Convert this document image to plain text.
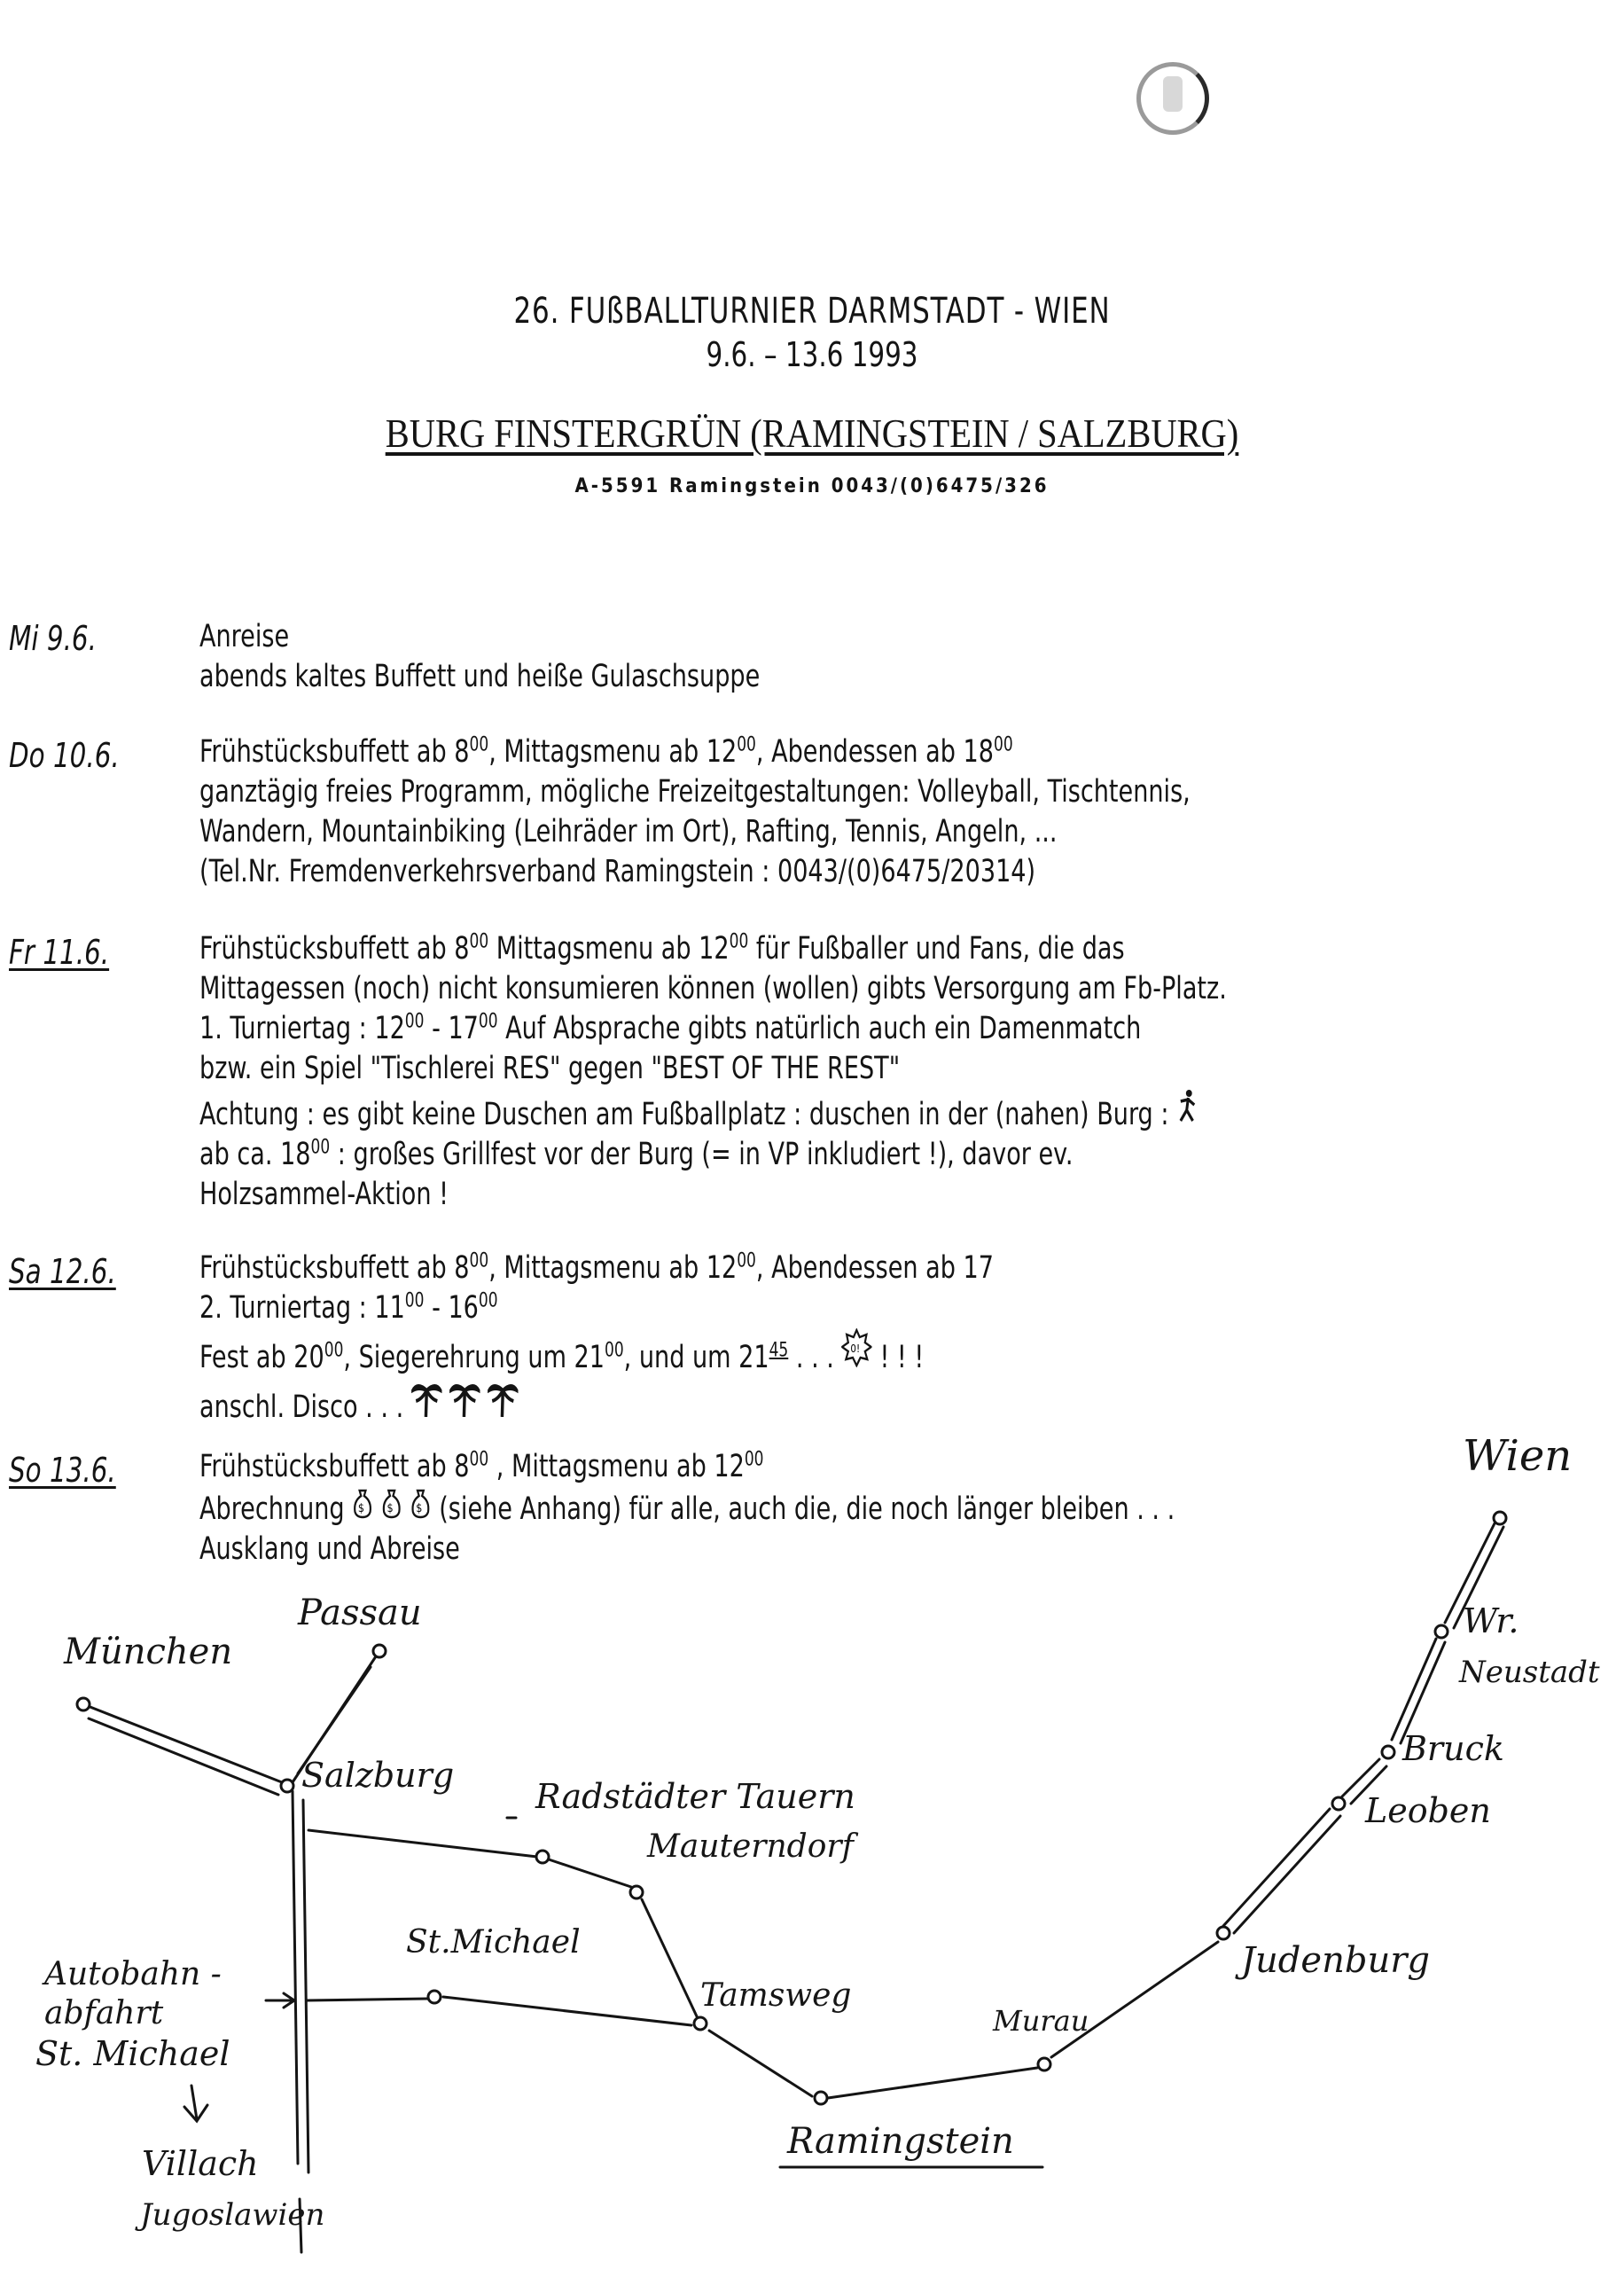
26. FUßBALLTURNIER DARMSTADT - WIEN
9.6. – 13.6 1993
BURG FINSTERGRÜN (RAMINGSTEIN / SALZBURG)
A-5591 Ramingstein 0043/(0)6475/326
Mi 9.6.	Anreise
abends kaltes Buffett und heiße Gulaschsuppe
Do 10.6.	Frühstücksbuffett ab $8^{00}$, Mittagsmenu ab $12^{00}$, Abendessen ab $18^{00}$
ganztägig freies Programm, mögliche Freizeitgestaltungen: Volleyball, Tischtennis,
Wandern, Mountainbiking (Leihräder im Ort), Rafting, Tennis, Angeln, ...
(Tel.Nr. Fremdenverkehrsverband Ramingstein : 0043/(0)6475/20314)
Fr 11.6.	Frühstücksbuffett ab $8^{00}$ Mittagsmenu ab $12^{00}$ für Fußballer und Fans, die das
Mittagessen (noch) nicht konsumieren können (wollen) gibts Versorgung am Fb-Platz.
1. Turniertag : $12^{00} - 17^{00}$ Auf Absprache gibts natürlich auch ein Damenmatch
bzw. ein Spiel "Tischlerei RES" gegen "BEST OF THE REST"
Achtung : es gibt keine Duschen am Fußballplatz : duschen in der (nahen) Burg :
ab ca. $18^{00}$ : großes Grillfest vor der Burg (= in VP inkludiert !), davor ev.
Holzsammel-Aktion !
Sa 12.6.	Frühstücksbuffett ab $8^{00}$, Mittagsmenu ab $12^{00}$, Abendessen ab 17
2. Turniertag : $11^{00} - 16^{00}$
Fest ab $20^{00}$, Siegerehrung um $21^{00}$, und um $21^{45}$ . . . 0! ! ! !
anschl. Disco . . .
So 13.6.	Frühstücksbuffett ab $8^{00}$ , Mittagsmenu ab $12^{00}$
Abrechnung $
$
$ (siehe Anhang) für alle, auch die, die noch länger bleiben . . .
Ausklang und Abreise
Wien
Passau
München
Salzburg
Radstädter Tauern
Mauterndorf
Wr.
Neustadt
Bruck
Leoben
St.Michael	Judenburg
Autobahn -
abfahrt
St. Michael
Tamsweg
Murau
Ramingstein
Villach
Jugoslawien
